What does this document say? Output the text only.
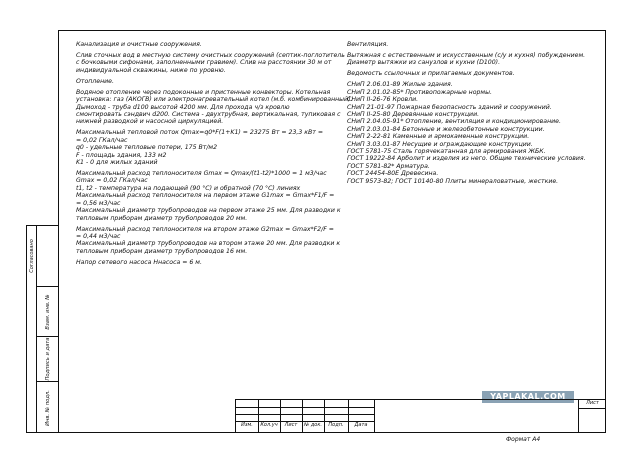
Согласовано
Взам. инв. №
Подпись и дата
Инв. № подл.

Канализация и очистные сооружения.

Слив сточных вод в местную систему очистных сооружений (септик-поглотитель

с бочковыми сифонами, заполненными гравием). Слив на расстоянии 30 м от

индивидуальной скважины, ниже по уровню.

Отопление.

Водяное отопление через подоконные и пристенные конвекторы. Котельная

установка: газ (АКОГВ) или электронагревательный котел (м.б. комбинированный).

Дымоход - труба d100 высотой 4200 мм. Для прохода ч/з кровлю

смонтировать сэндвич d200. Система - двухтрубная, вертикальная, тупиковая с

нижней разводкой и насосной циркуляцией.

Максимальный тепловой поток Qmax=q0*F(1+K1) = 23275 Вт = 23,3 кВт =

= 0,02 ГКал/час

q0 - удельные тепловые потери, 175 Вт/м2

F - площадь здания, 133 м2

K1 - 0 для жилых зданий

Максимальный расход теплоносителя Gmax = Qmax/(t1-t2)*1000 = 1 м3/час

Gmax = 0,02 ГКал/час

t1, t2 - температура на подающей (90 °С) и обратной (70 °С) линиях

Максимальный расход теплоносителя на первом этаже G1max = Gmax*F1/F =

= 0,56 м3/час

Максимальный диаметр трубопроводов на первом этаже 25 мм. Для разводки к

тепловым приборам диаметр трубопроводов 20 мм.

Максимальный расход теплоносителя на втором этаже G2max = Gmax*F2/F =

= 0,44 м3/час

Максимальный диаметр трубопроводов на втором этаже 20 мм. Для разводки к

тепловым приборам диаметр трубопроводов 16 мм.

Напор сетевого насоса Hнасоса = 6 м.

Вентиляция.

Вытяжная с естественным и искусственным (с/у и кухня) побуждением.

Диаметр вытяжки из санузлов и кухни (D100).

Ведомость ссылочных и прилагаемых документов.

СНиП 2.06.01-89 Жилые здания.

СНиП 2.01.02-85* Противопожарные нормы.

СНиП II-26-76 Кровли.

СНиП 21-01-97 Пожарная безопасность зданий и сооружений.

СНиП II-25-80 Деревянные конструкции.

СНиП 2.04.05-91* Отопление, вентиляция и кондиционирование.

СНиП 2.03.01-84 Бетонные и железобетонные конструкции.

СНиП 2-22-81 Каменные и армокаменные конструкции.

СНиП 3.03.01-87 Несущие и ограждающие конструкции.

ГОСТ 5781-75 Сталь горячекатанная для армирования ЖБК.

ГОСТ 19222-84 Арболит и изделия из него. Общие технические условия.

ГОСТ 5781-82* Арматура.

ГОСТ 24454-80Е Древесина.

ГОСТ 9573-82; ГОСТ 10140-80 Плиты минераловатные, жесткие.

YAPLAKAL.COM
Изм.	Кол.уч	Лист	№ док.	Подп.	Дата
Лист
Формат А4
